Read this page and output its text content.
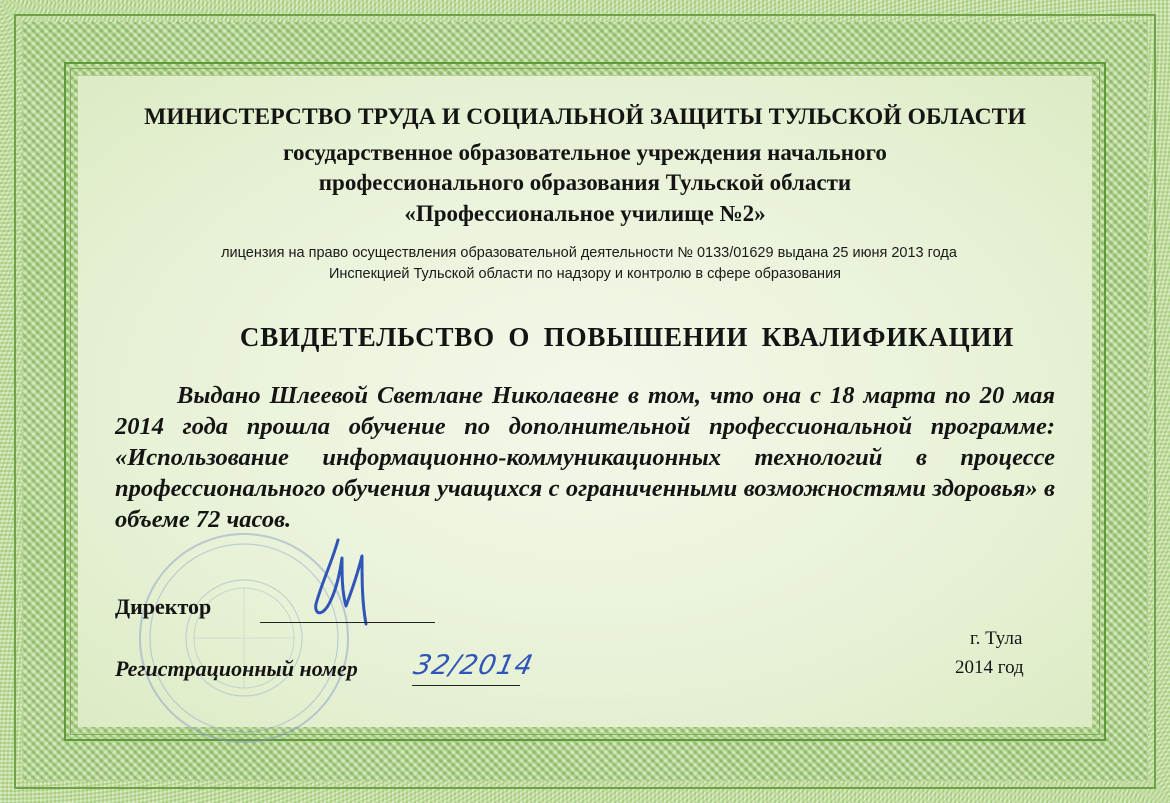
МИНИСТЕРСТВО ТРУДА И СОЦИАЛЬНОЙ ЗАЩИТЫ ТУЛЬСКОЙ ОБЛАСТИ
государственное образовательное учреждения начального
профессионального образования Тульской области
«Профессиональное училище №2»
лицензия на право осуществления образовательной деятельности № 0133/01629 выдана 25 июня 2013 года
Инспекцией Тульской области по надзору и контролю в сфере образования
СВИДЕТЕЛЬСТВО О ПОВЫШЕНИИ КВАЛИФИКАЦИИ
Выдано Шлеевой Светлане Николаевне в том, что она с 18 марта по 20 мая 2014 года прошла обучение по дополнительной профессиональной программе: «Использование информационно-коммуникационных технологий в процессе профессионального обучения учащихся с ограниченными возможностями здоровья» в объеме 72 часов.
Директор
Регистрационный номер 32/2014
г. Тула
2014 год
